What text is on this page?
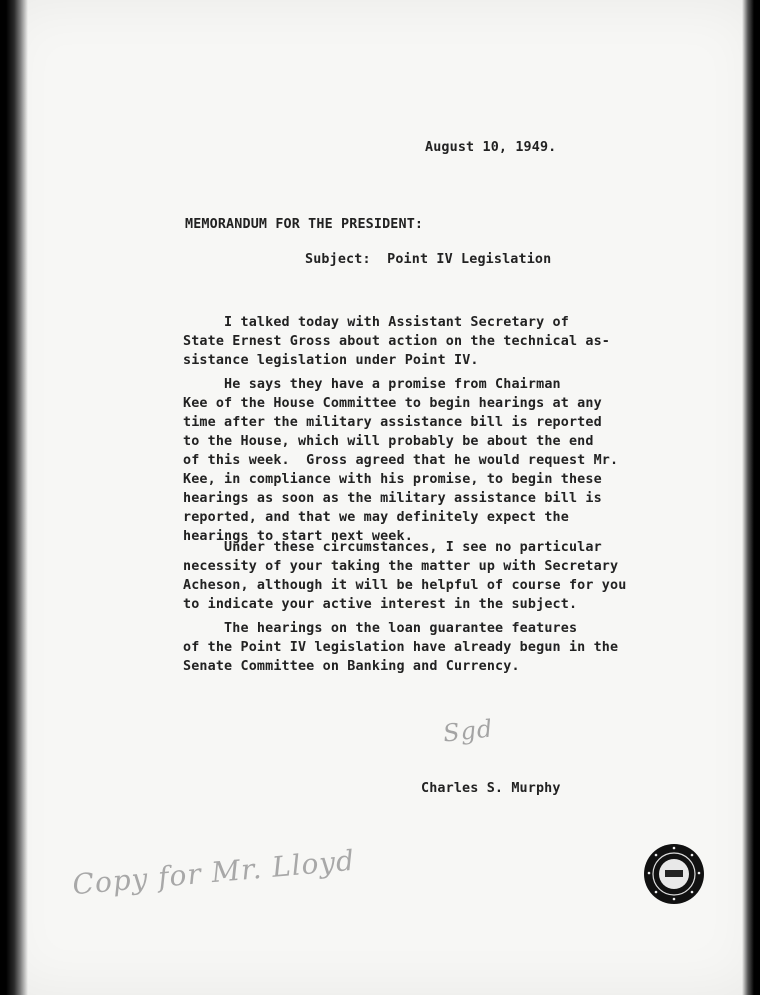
August 10, 1949.
MEMORANDUM FOR THE PRESIDENT:
Subject:  Point IV Legislation
I talked today with Assistant Secretary of
State Ernest Gross about action on the technical as-
sistance legislation under Point IV.
He says they have a promise from Chairman
Kee of the House Committee to begin hearings at any
time after the military assistance bill is reported
to the House, which will probably be about the end
of this week.  Gross agreed that he would request Mr.
Kee, in compliance with his promise, to begin these
hearings as soon as the military assistance bill is
reported, and that we may definitely expect the
hearings to start next week.
Under these circumstances, I see no particular
necessity of your taking the matter up with Secretary
Acheson, although it will be helpful of course for you
to indicate your active interest in the subject.
The hearings on the loan guarantee features
of the Point IV legislation have already begun in the
Senate Committee on Banking and Currency.
Sgd
Charles S. Murphy
Copy for Mr. Lloyd
